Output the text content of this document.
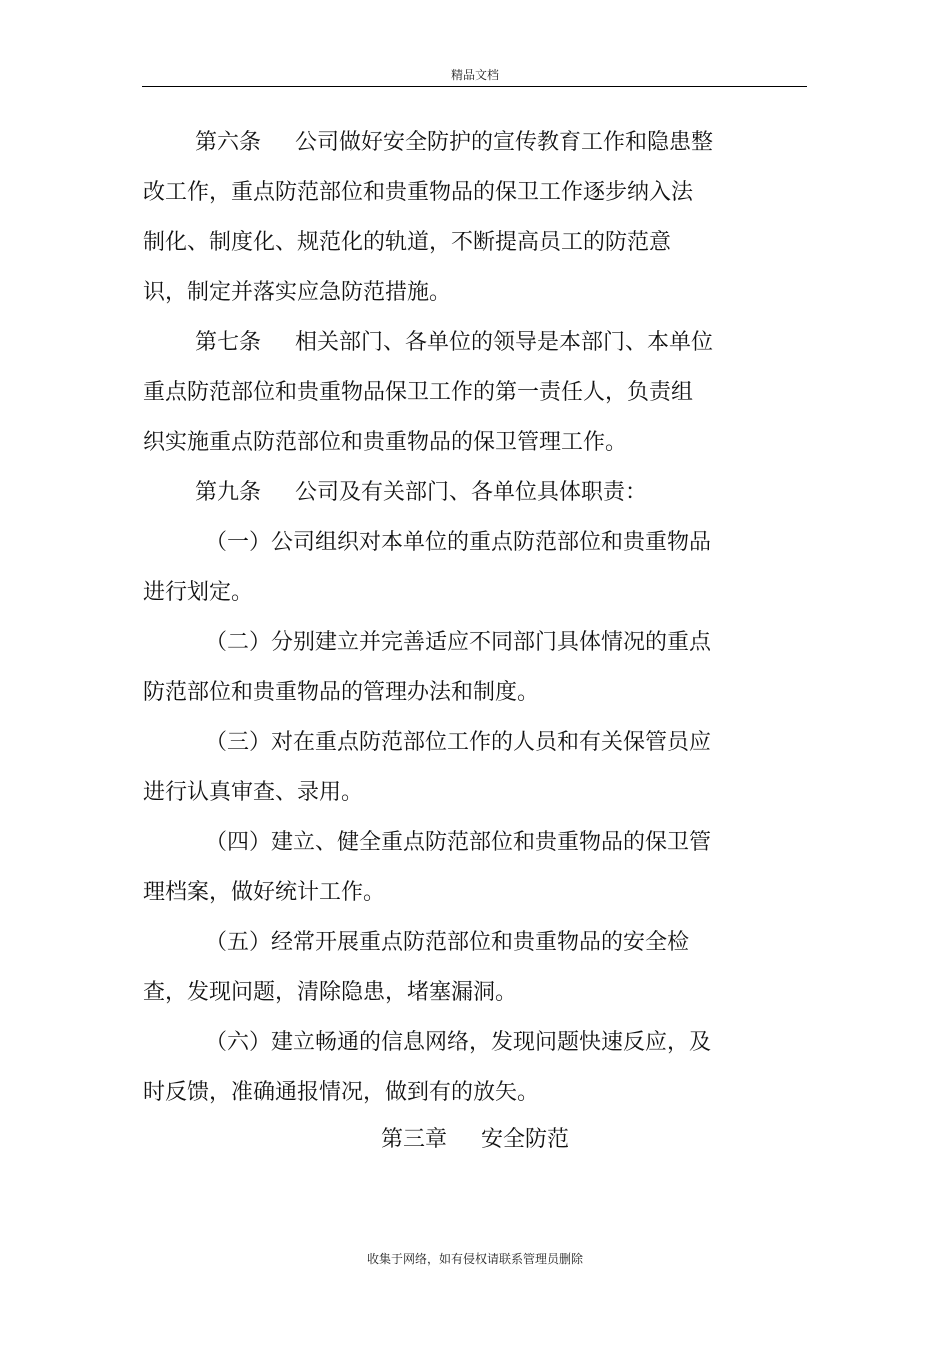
精品文档
第六条 公司做好安全防护的宣传教育工作和隐患整
改工作，重点防范部位和贵重物品的保卫工作逐步纳入法
制化、制度化、规范化的轨道，不断提高员工的防范意
识，制定并落实应急防范措施。
第七条 相关部门、各单位的领导是本部门、本单位
重点防范部位和贵重物品保卫工作的第一责任人，负责组
织实施重点防范部位和贵重物品的保卫管理工作。
第九条 公司及有关部门、各单位具体职责：
（一）公司组织对本单位的重点防范部位和贵重物品
进行划定。
（二）分别建立并完善适应不同部门具体情况的重点
防范部位和贵重物品的管理办法和制度。
（三）对在重点防范部位工作的人员和有关保管员应
进行认真审查、录用。
（四）建立、健全重点防范部位和贵重物品的保卫管
理档案，做好统计工作。
（五）经常开展重点防范部位和贵重物品的安全检
查，发现问题，清除隐患，堵塞漏洞。
（六）建立畅通的信息网络，发现问题快速反应，及
时反馈，准确通报情况，做到有的放矢。
第三章 安全防范
收集于网络，如有侵权请联系管理员删除
